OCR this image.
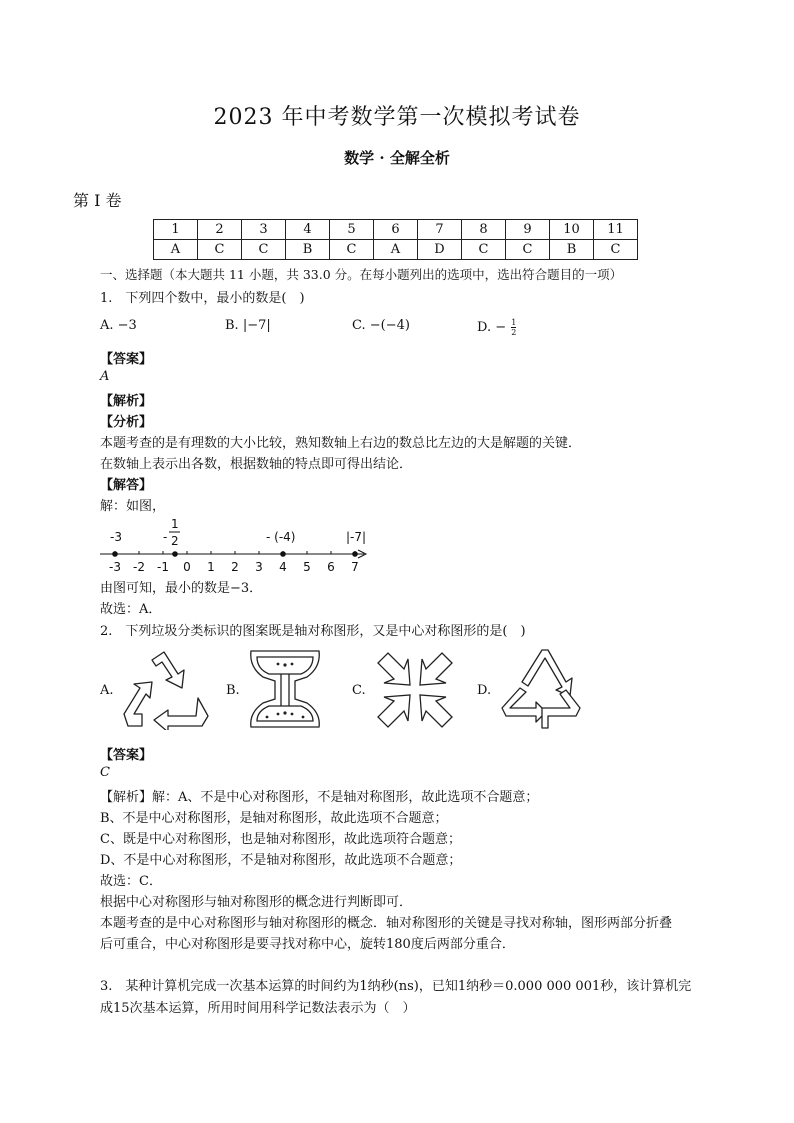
2023 年中考数学第一次模拟考试卷
数学 · 全解全析
第 I 卷
1	2	3	4	5	6	7	8	9	10	11
A	C	C	B	C	A	D	C	C	B	C
一、选择题（本大题共 11 小题，共 33.0 分。在每小题列出的选项中，选出符合题目的一项）
1.　下列四个数中，最小的数是(　)
A. −3	B. |−7|	C. −(−4)	D. − $\frac{1}{2}$
【答案】
A
【解析】
【分析】
本题考查的是有理数的大小比较，熟知数轴上右边的数总比左边的大是解题的关键．
在数轴上表示出各数，根据数轴的特点即可得出结论．
【解答】
解：如图，
-3 -2 -1 0 1 2 3 4 5 6 7
-3	-
1
2	- (-4)	|-7|
由图可知，最小的数是−3．
故选：A．
2.　下列垃圾分类标识的图案既是轴对称图形，又是中心对称图形的是(　)
A.	B.	C.	D.
【答案】
C
【解析】解：A、不是中心对称图形，不是轴对称图形，故此选项不合题意；
B、不是中心对称图形，是轴对称图形，故此选项不合题意；
C、既是中心对称图形，也是轴对称图形，故此选项符合题意；
D、不是中心对称图形，不是轴对称图形，故此选项不合题意；
故选：C．
根据中心对称图形与轴对称图形的概念进行判断即可．
本题考查的是中心对称图形与轴对称图形的概念．轴对称图形的关键是寻找对称轴，图形两部分折叠
后可重合，中心对称图形是要寻找对称中心，旋转180度后两部分重合．
3.　某种计算机完成一次基本运算的时间约为1纳秒(ns)，已知1纳秒＝0.000 000 001秒，该计算机完
成15次基本运算，所用时间用科学记数法表示为（　）
